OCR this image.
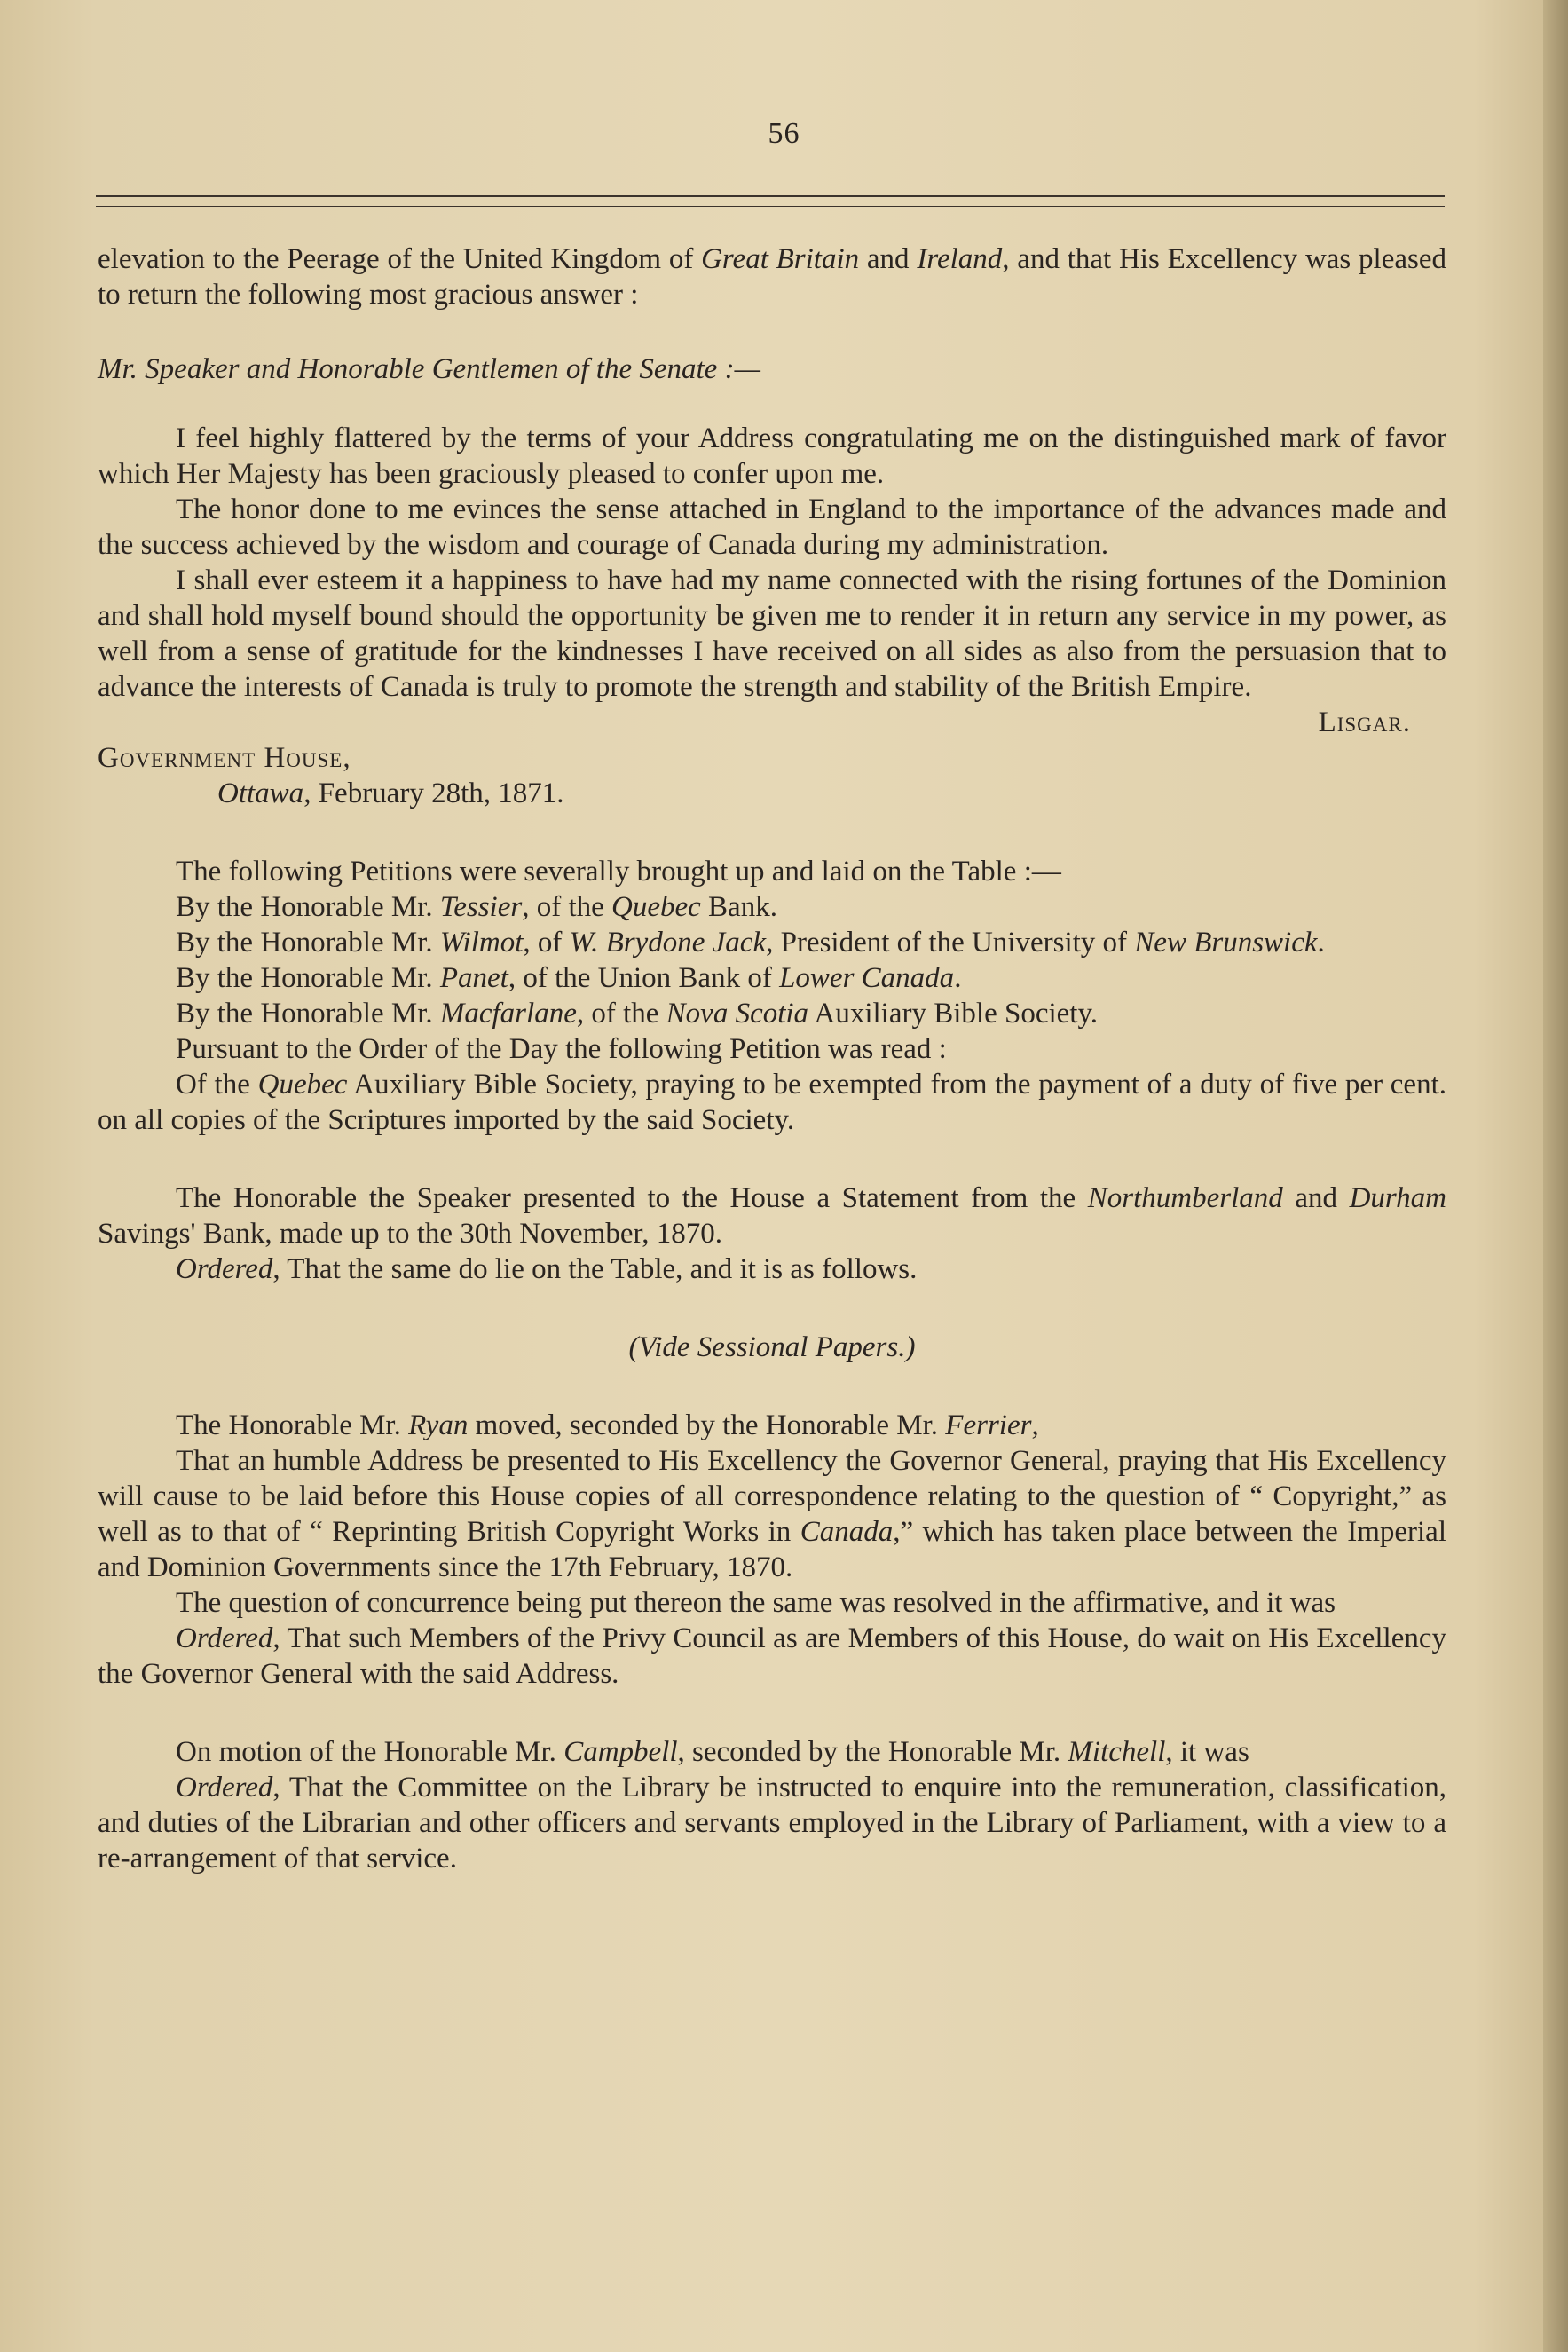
56

elevation to the Peerage of the United Kingdom of Great Britain and Ireland, and that His Excellency was pleased to return the following most gracious answer :

Mr. Speaker and Honorable Gentlemen of the Senate :—

I feel highly flattered by the terms of your Address congratulating me on the distinguished mark of favor which Her Majesty has been graciously pleased to confer upon me.

The honor done to me evinces the sense attached in England to the importance of the advances made and the success achieved by the wisdom and courage of Canada during my administration.

I shall ever esteem it a happiness to have had my name connected with the rising fortunes of the Dominion and shall hold myself bound should the opportunity be given me to render it in return any service in my power, as well from a sense of gratitude for the kindnesses I have received on all sides as also from the persuasion that to advance the interests of Canada is truly to promote the strength and stability of the British Empire.

Lisgar.

Government House,

Ottawa, February 28th, 1871.

The following Petitions were severally brought up and laid on the Table :—

By the Honorable Mr. Tessier, of the Quebec Bank.

By the Honorable Mr. Wilmot, of W. Brydone Jack, President of the University of New Brunswick.

By the Honorable Mr. Panet, of the Union Bank of Lower Canada.

By the Honorable Mr. Macfarlane, of the Nova Scotia Auxiliary Bible Society.

Pursuant to the Order of the Day the following Petition was read :

Of the Quebec Auxiliary Bible Society, praying to be exempted from the payment of a duty of five per cent. on all copies of the Scriptures imported by the said Society.

The Honorable the Speaker presented to the House a Statement from the Northumberland and Durham Savings' Bank, made up to the 30th November, 1870.

Ordered, That the same do lie on the Table, and it is as follows.

(Vide Sessional Papers.)

The Honorable Mr. Ryan moved, seconded by the Honorable Mr. Ferrier,

That an humble Address be presented to His Excellency the Governor General, praying that His Excellency will cause to be laid before this House copies of all correspondence relating to the question of “ Copyright,” as well as to that of “ Reprinting British Copyright Works in Canada,” which has taken place between the Imperial and Dominion Governments since the 17th February, 1870.

The question of concurrence being put thereon the same was resolved in the affirmative, and it was

Ordered, That such Members of the Privy Council as are Members of this House, do wait on His Excellency the Governor General with the said Address.

On motion of the Honorable Mr. Campbell, seconded by the Honorable Mr. Mitchell, it was

Ordered, That the Committee on the Library be instructed to enquire into the remuneration, classification, and duties of the Librarian and other officers and servants employed in the Library of Parliament, with a view to a re-arrangement of that service.
